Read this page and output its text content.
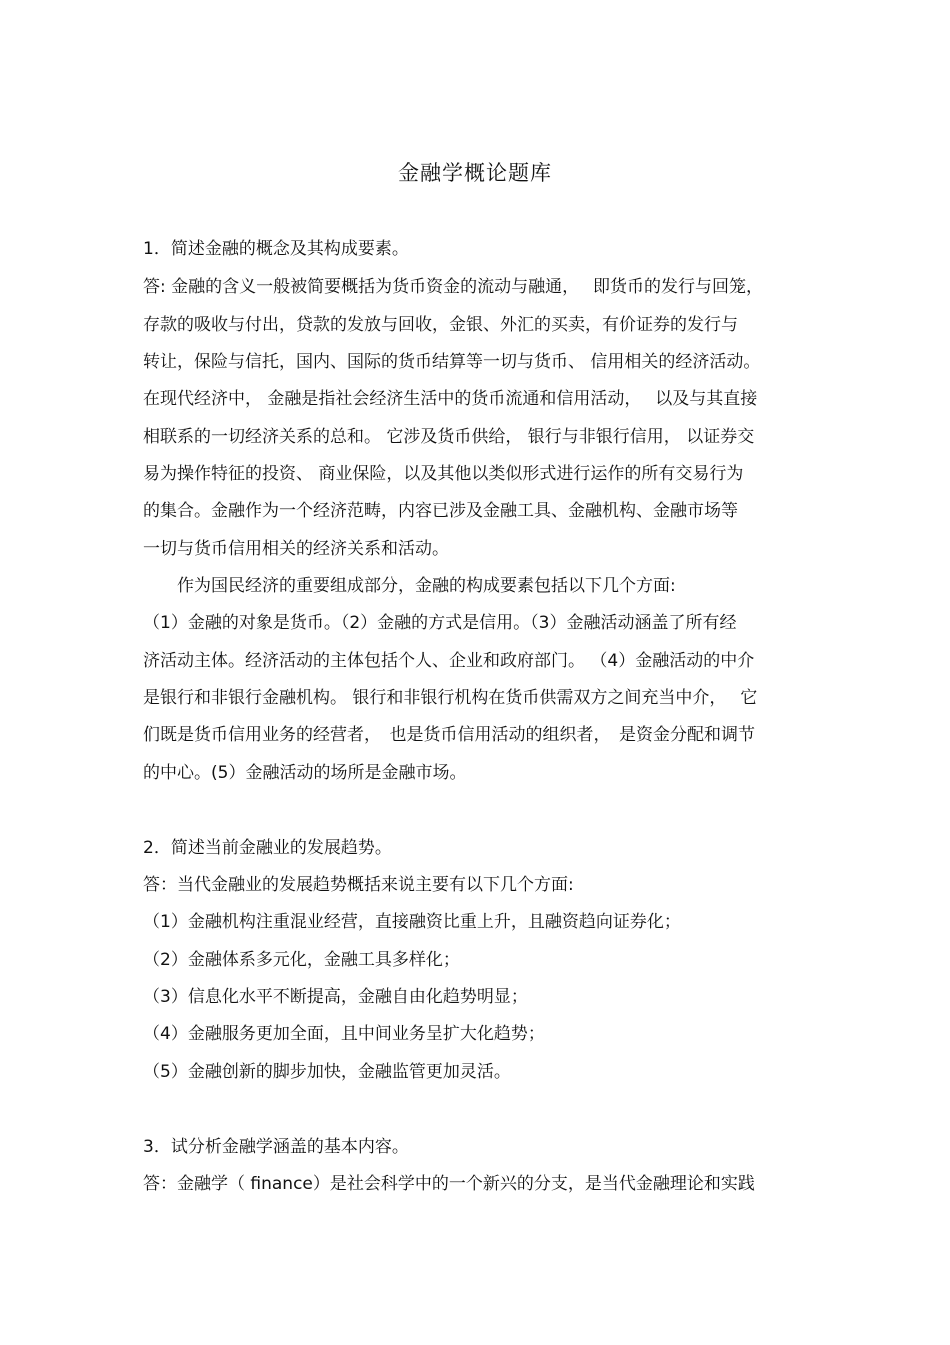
金融学概论题库
1．简述金融的概念及其构成要素。
答: 金融的含义一般被简要概括为货币资金的流动与融通，　 即货币的发行与回笼，
存款的吸收与付出，贷款的发放与回收，金银、外汇的买卖，有价证券的发行与
转让，保险与信托，国内、国际的货币结算等一切与货币、 信用相关的经济活动。
在现代经济中， 金融是指社会经济生活中的货币流通和信用活动，　 以及与其直接
相联系的一切经济关系的总和。 它涉及货币供给， 银行与非银行信用， 以证券交
易为操作特征的投资、 商业保险，以及其他以类似形式进行运作的所有交易行为
的集合。金融作为一个经济范畴，内容已涉及金融工具、金融机构、金融市场等
一切与货币信用相关的经济关系和活动。
　　作为国民经济的重要组成部分，金融的构成要素包括以下几个方面:
（1）金融的对象是货币。（2）金融的方式是信用。（3）金融活动涵盖了所有经
济活动主体。经济活动的主体包括个人、企业和政府部门。 （4）金融活动的中介
是银行和非银行金融机构。 银行和非银行机构在货币供需双方之间充当中介，　 它
们既是货币信用业务的经营者，　也是货币信用活动的组织者，　是资金分配和调节
的中心。(5）金融活动的场所是金融市场。
2．简述当前金融业的发展趋势。
答：当代金融业的发展趋势概括来说主要有以下几个方面:
（1）金融机构注重混业经营，直接融资比重上升，且融资趋向证券化；
（2）金融体系多元化，金融工具多样化；
（3）信息化水平不断提高，金融自由化趋势明显；
（4）金融服务更加全面，且中间业务呈扩大化趋势；
（5）金融创新的脚步加快，金融监管更加灵活。
3．试分析金融学涵盖的基本内容。
答：金融学（ finance）是社会科学中的一个新兴的分支，是当代金融理论和实践
